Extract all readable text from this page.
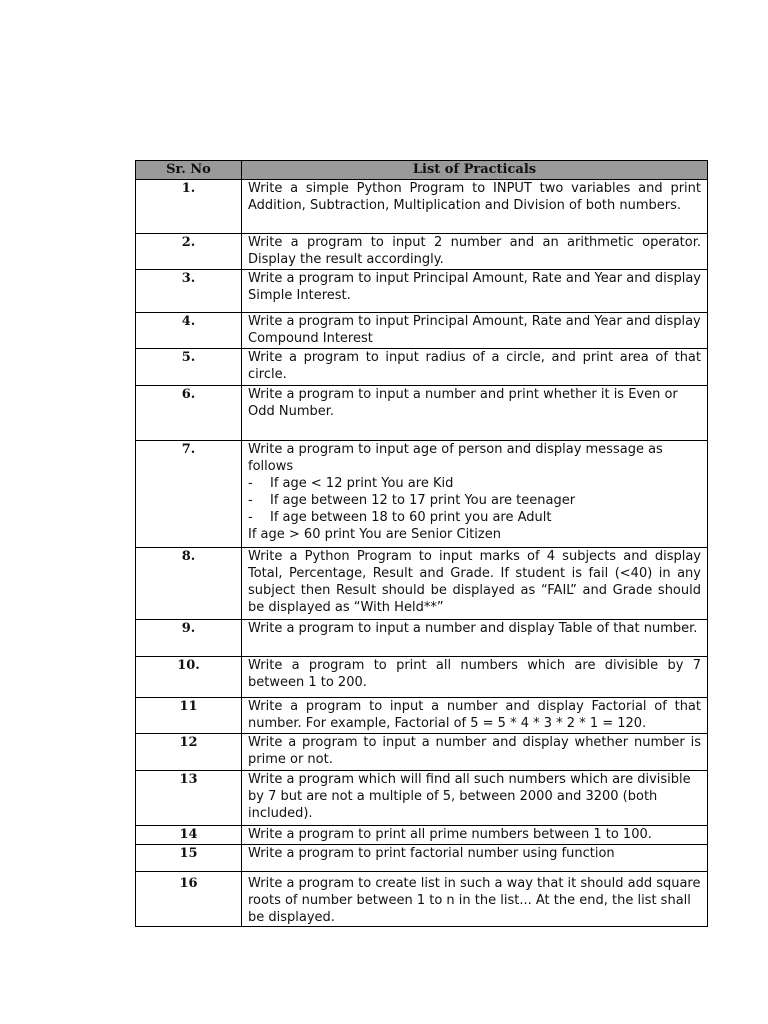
Sr. No	List of Practicals
1.	Write a simple Python Program to INPUT two variables and print Addition, Subtraction, Multiplication and Division of both numbers.
2.	Write a program to input 2 number and an arithmetic operator. Display the result accordingly.
3.	Write a program to input Principal Amount, Rate and Year and display Simple Interest.
4.	Write a program to input Principal Amount, Rate and Year and display Compound Interest
5.	Write a program to input radius of a circle, and print area of that circle.
6.	Write a program to input a number and print whether it is Even or Odd Number.
7.	Write a program to input age of person and display message as follows
- If age < 12 print You are Kid
- If age between 12 to 17 print You are teenager
- If age between 18 to 60 print you are Adult
If age > 60 print You are Senior Citizen

8.	Write a Python Program to input marks of 4 subjects and display Total, Percentage, Result and Grade. If student is fail (<40) in any subject then Result should be displayed as “FAIL” and Grade should be displayed as “With Held**”
9.	Write a program to input a number and display Table of that number.
10.	Write a program to print all numbers which are divisible by 7 between 1 to 200.
11	Write a program to input a number and display Factorial of that number. For example, Factorial of 5 = 5 * 4 * 3 * 2 * 1 = 120.
12	Write a program to input a number and display whether number is prime or not.
13	Write a program which will find all such numbers which are divisible by 7 but are not a multiple of 5, between 2000 and 3200 (both included).
14	Write a program to print all prime numbers between 1 to 100.
15	Write a program to print factorial number using function
16	Write a program to create list in such a way that it should add square roots of number between 1 to n in the list... At the end, the list shall be displayed.
